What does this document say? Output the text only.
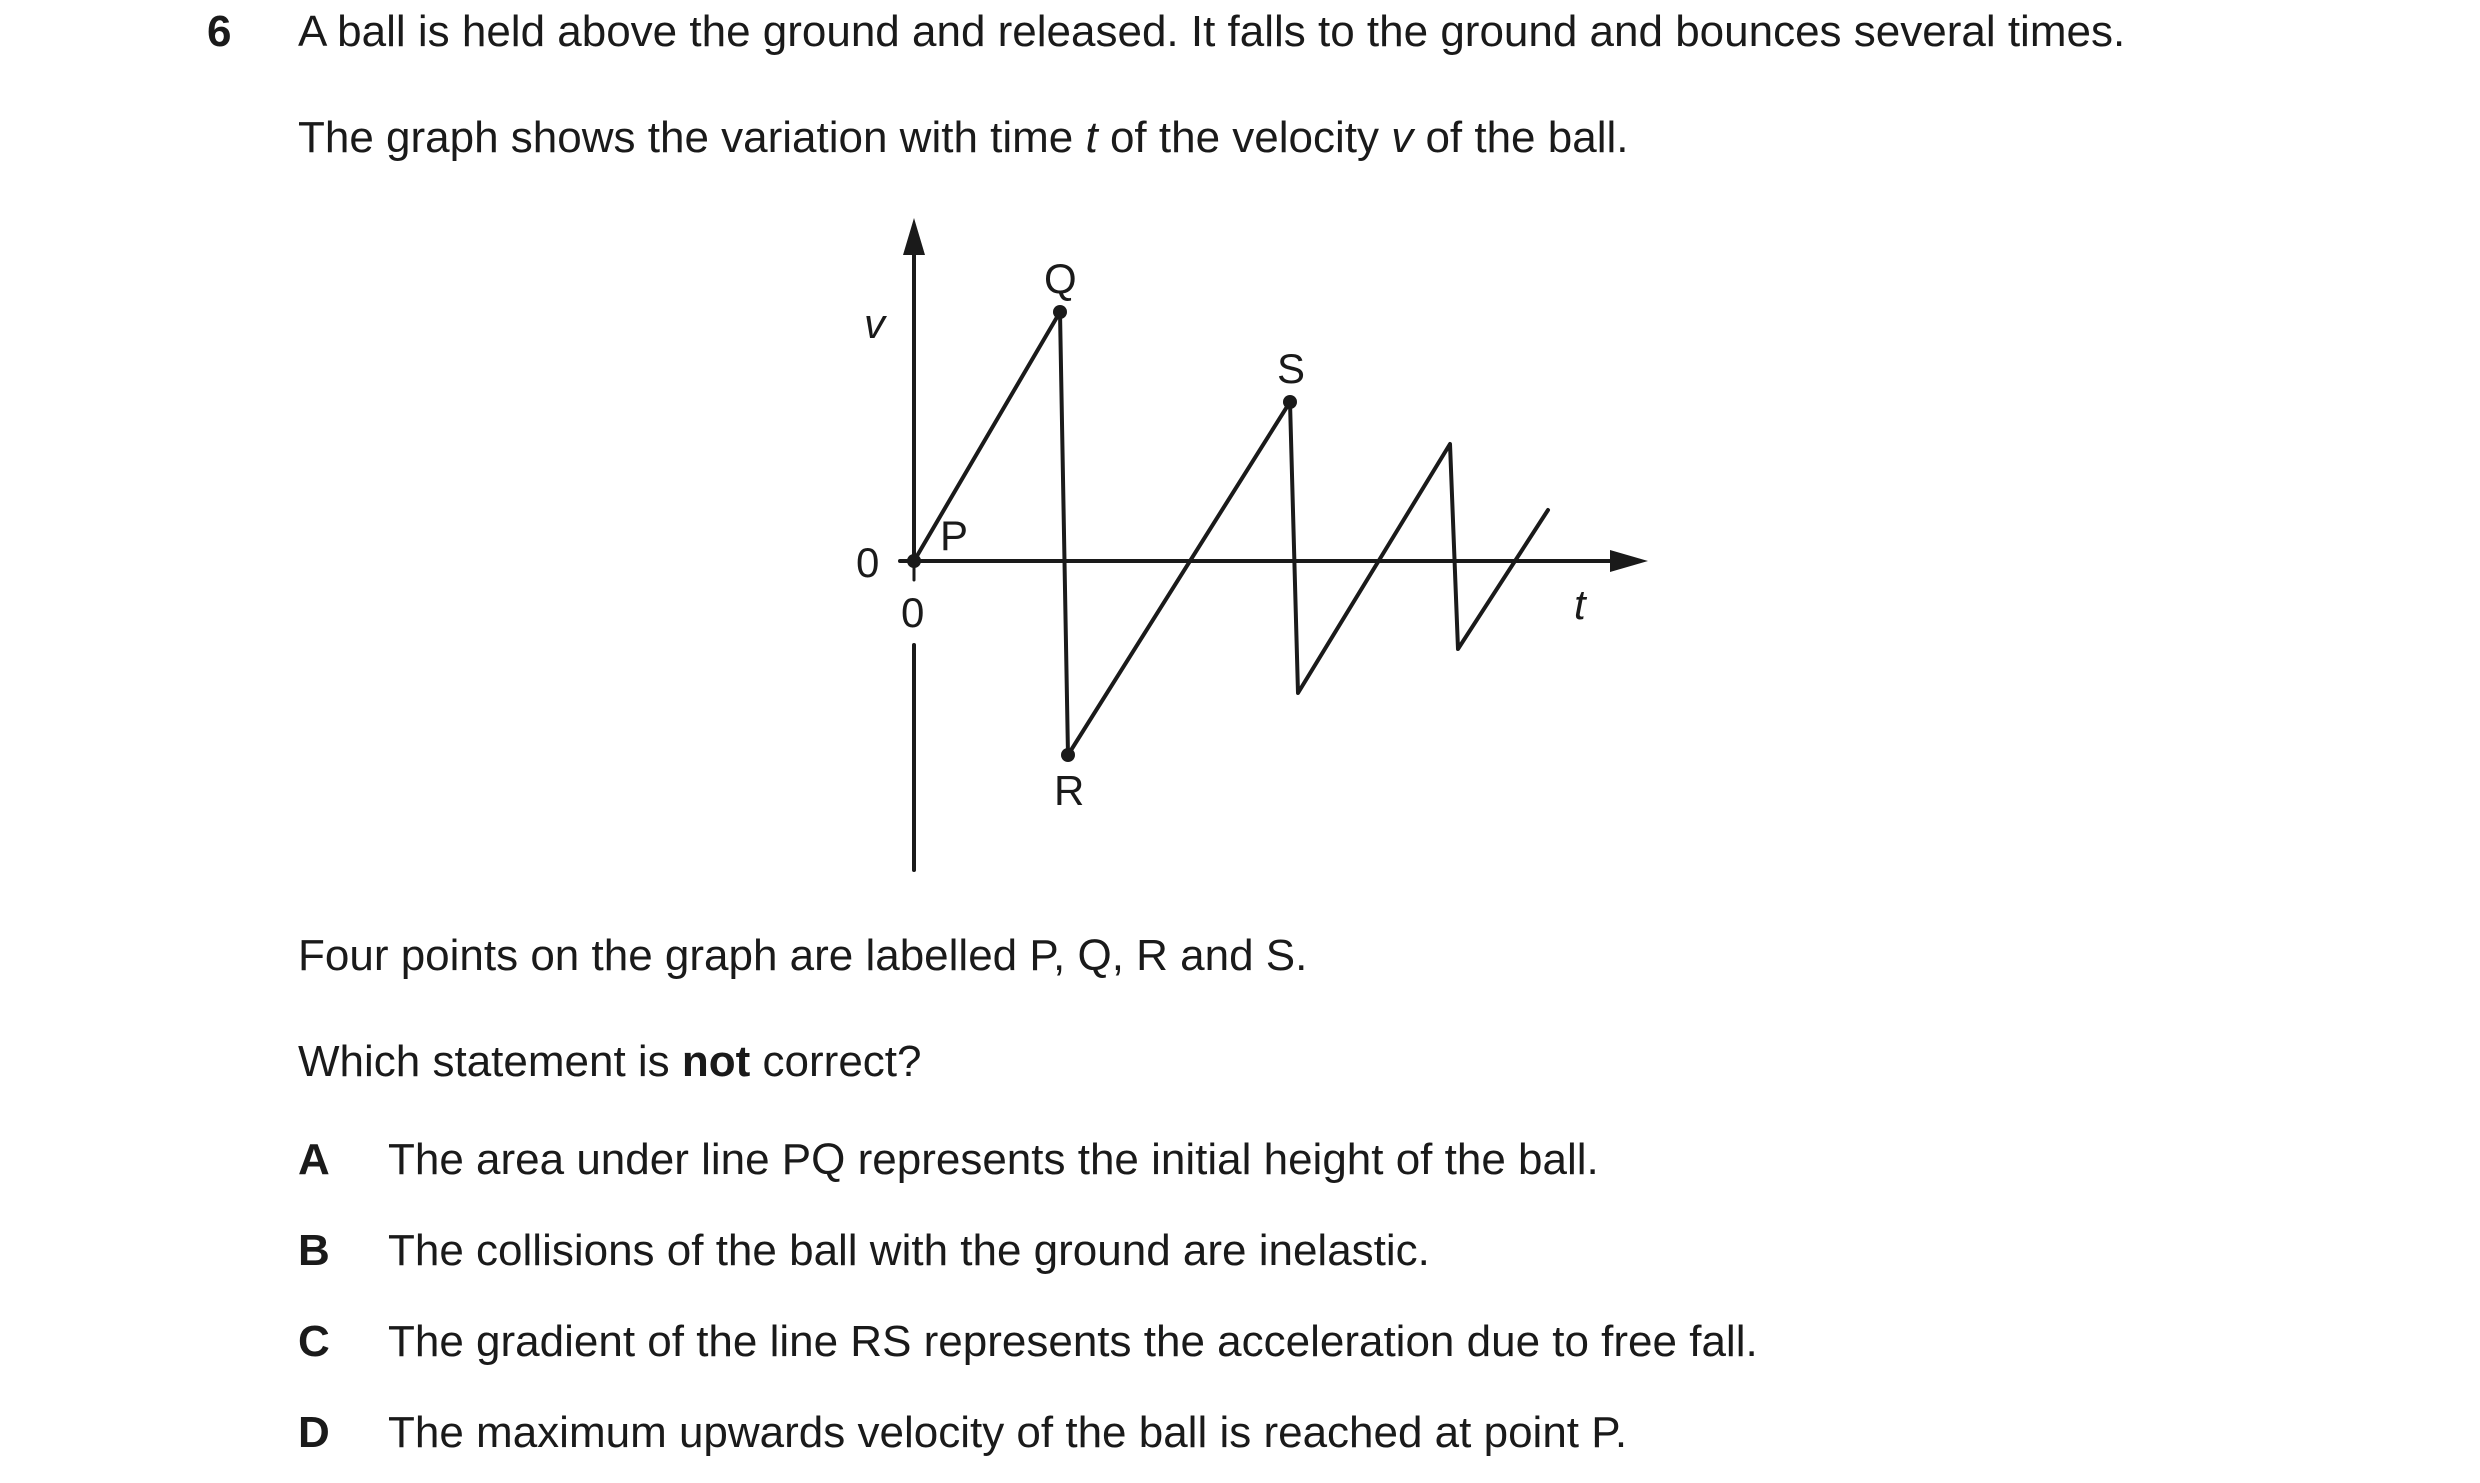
6 A ball is held above the ground and released. It falls to the ground and bounces several times.
The graph shows the variation with time t of the velocity v of the ball.
v
t
0
0
P
Q
R
S
Four points on the graph are labelled P, Q, R and S.
Which statement is not correct?
A	The area under line PQ represents the initial height of the ball.
B	The collisions of the ball with the ground are inelastic.
C	The gradient of the line RS represents the acceleration due to free fall.
D	The maximum upwards velocity of the ball is reached at point P.
